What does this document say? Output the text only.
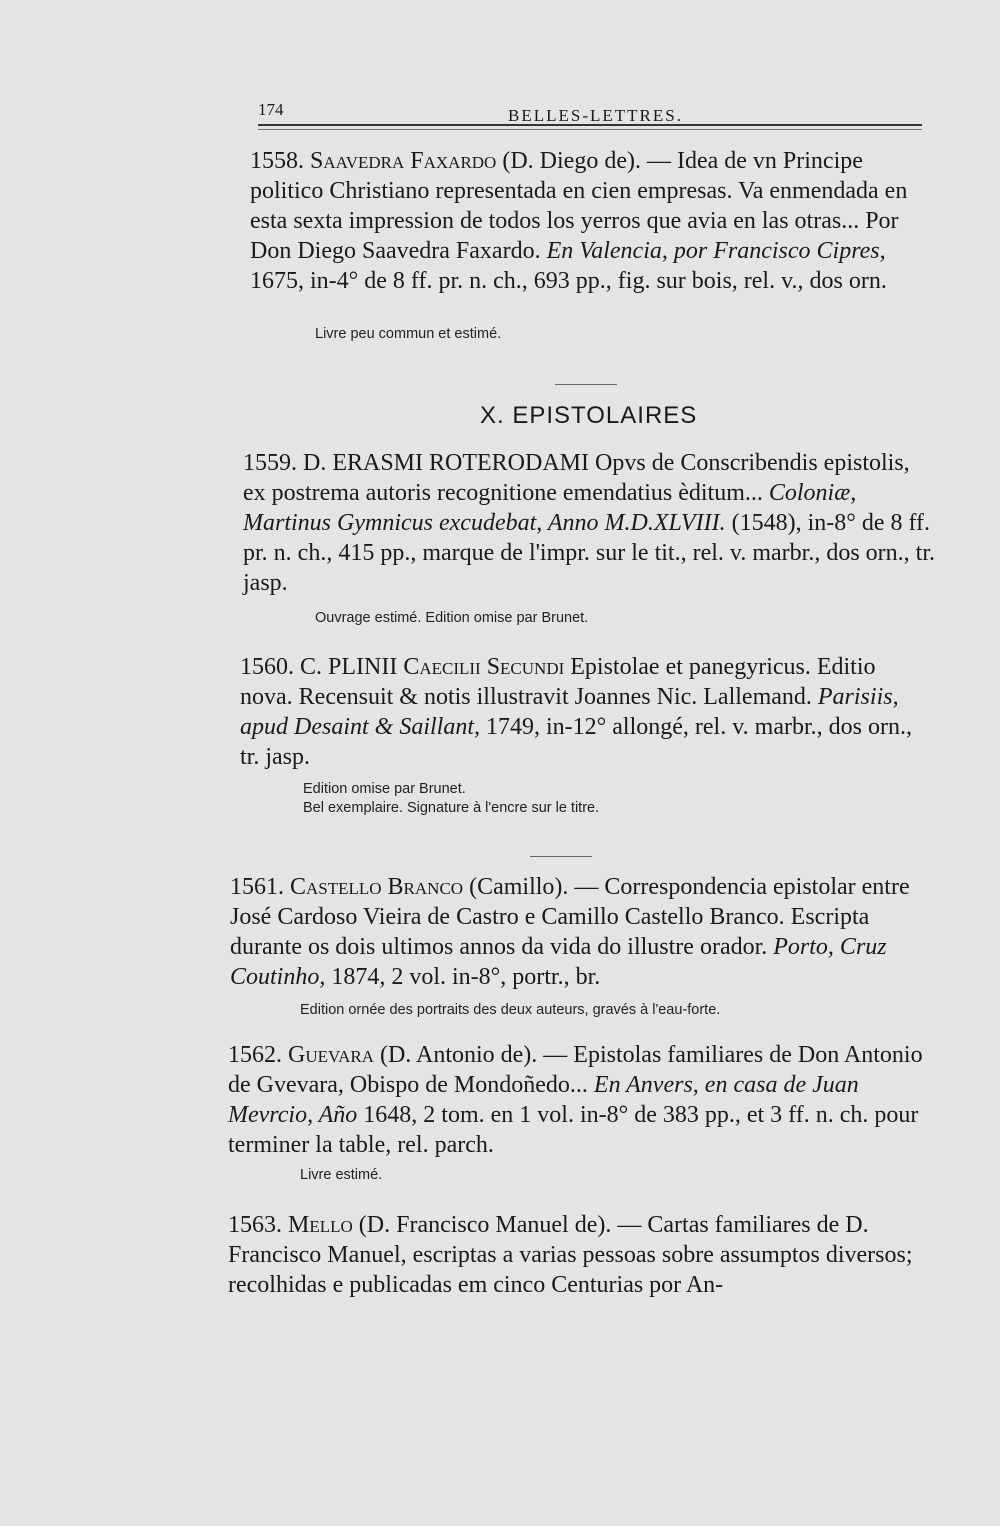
174	BELLES-LETTRES.

1558. Saavedra Faxardo (D. Diego de). — Idea de vn Principe politico Christiano representada en cien empresas. Va enmendada en esta sexta impression de todos los yerros que avia en las otras... Por Don Diego Saavedra Faxardo. En Valencia, por Francisco Cipres, 1675, in-4° de 8 ff. pr. n. ch., 693 pp., fig. sur bois, rel. v., dos orn.

Livre peu commun et estimé.
X. EPISTOLAIRES

1559. D. ERASMI ROTERODAMI Opvs de Conscribendis epistolis, ex postrema autoris recognitione emendatius èditum... Coloniæ, Martinus Gymnicus excudebat, Anno M.D.XLVIII. (1548), in-8° de 8 ff. pr. n. ch., 415 pp., marque de l'impr. sur le tit., rel. v. marbr., dos orn., tr. jasp.

Ouvrage estimé. Edition omise par Brunet.

1560. C. PLINII Caecilii Secundi Epistolae et panegyricus. Editio nova. Recensuit & notis illustravit Joannes Nic. Lallemand. Parisiis, apud Desaint & Saillant, 1749, in-12° allongé, rel. v. marbr., dos orn., tr. jasp.

Edition omise par Brunet.
Bel exemplaire. Signature à l'encre sur le titre.

1561. Castello Branco (Camillo). — Correspondencia epistolar entre José Cardoso Vieira de Castro e Camillo Castello Branco. Escripta durante os dois ultimos annos da vida do illustre orador. Porto, Cruz Coutinho, 1874, 2 vol. in-8°, portr., br.

Edition ornée des portraits des deux auteurs, gravés à l'eau-forte.

1562. Guevara (D. Antonio de). — Epistolas familiares de Don Antonio de Gvevara, Obispo de Mondoñedo... En Anvers, en casa de Juan Mevrcio, Año 1648, 2 tom. en 1 vol. in-8° de 383 pp., et 3 ff. n. ch. pour terminer la table, rel. parch.

Livre estimé.

1563. Mello (D. Francisco Manuel de). — Cartas familiares de D. Francisco Manuel, escriptas a varias pessoas sobre assumptos diversos; recolhidas e publicadas em cinco Centurias por An-
